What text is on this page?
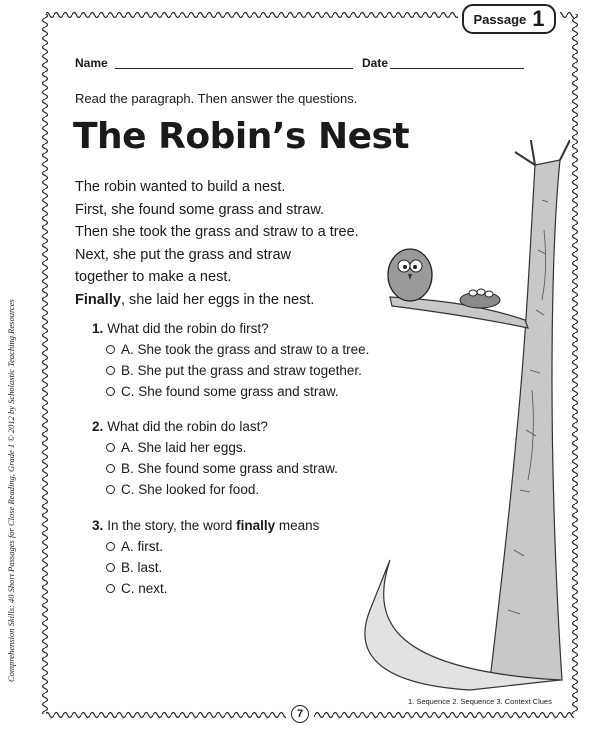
Passage 1
Name	Date
Read the paragraph. Then answer the questions.
The Robin’s Nest
The robin wanted to build a nest.
First, she found some grass and straw.
Then she took the grass and straw to a tree.
Next, she put the grass and straw
together to make a nest.
Finally, she laid her eggs in the nest.
1. What did the robin do first?
A. She took the grass and straw to a tree.
B. She put the grass and straw together.
C. She found some grass and straw.
2. What did the robin do last?
A. She laid her eggs.
B. She found some grass and straw.
C. She looked for food.
3. In the story, the word finally means
A. first.
B. last.
C. next.
Comprehension Skills: 40 Short Passages for Close Reading, Grade 1 © 2012 by Scholastic Teaching Resources
1. Sequence 2. Sequence 3. Context Clues
7
